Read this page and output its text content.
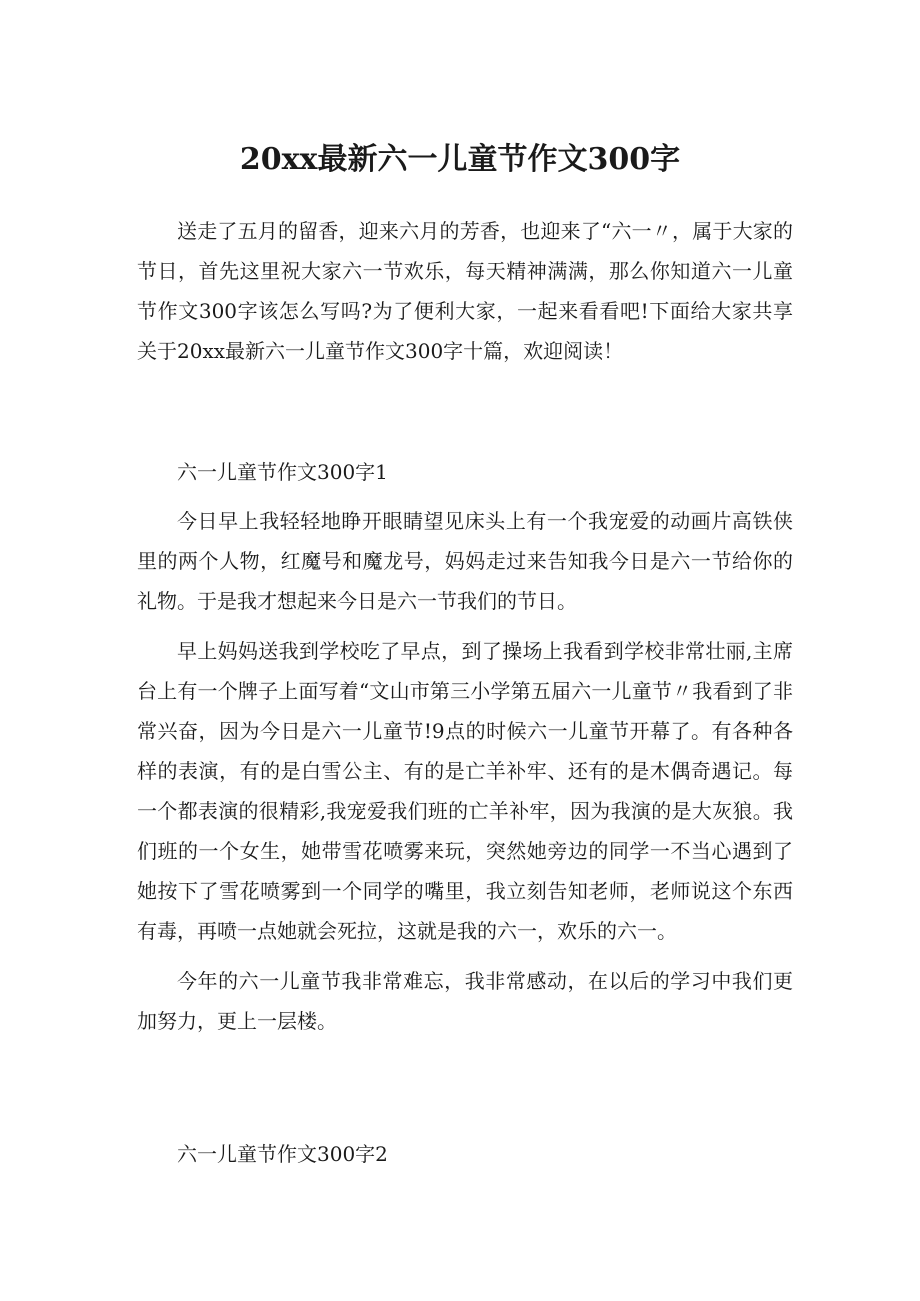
20xx最新六一儿童节作文300字

送走了五月的留香，迎来六月的芳香，也迎来了“六一〃，属于大家的节日，首先这里祝大家六一节欢乐，每天精神满满，那么你知道六一儿童节作文300字该怎么写吗?为了便利大家，一起来看看吧!下面给大家共享关于20xx最新六一儿童节作文300字十篇，欢迎阅读！

六一儿童节作文300字1

今日早上我轻轻地睁开眼睛望见床头上有一个我宠爱的动画片高铁侠里的两个人物，红魔号和魔龙号，妈妈走过来告知我今日是六一节给你的礼物。于是我才想起来今日是六一节我们的节日。

早上妈妈送我到学校吃了早点，到了操场上我看到学校非常壮丽,主席台上有一个牌子上面写着“文山市第三小学第五届六一儿童节〃我看到了非常兴奋，因为今日是六一儿童节!9点的时候六一儿童节开幕了。有各种各样的表演，有的是白雪公主、有的是亡羊补牢、还有的是木偶奇遇记。每一个都表演的很精彩,我宠爱我们班的亡羊补牢，因为我演的是大灰狼。我们班的一个女生，她带雪花喷雾来玩，突然她旁边的同学一不当心遇到了她按下了雪花喷雾到一个同学的嘴里，我立刻告知老师，老师说这个东西有毒，再喷一点她就会死拉，这就是我的六一，欢乐的六一。

今年的六一儿童节我非常难忘，我非常感动，在以后的学习中我们更加努力，更上一层楼。

六一儿童节作文300字2
